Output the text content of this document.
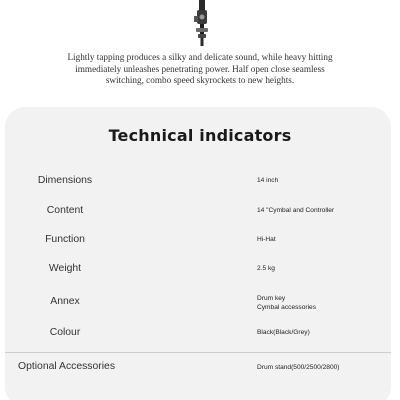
Lightly tapping produces a silky and delicate sound, while heavy hitting immediately unleashes penetrating power. Half open close seamless switching, combo speed skyrockets to new heights.

Technical indicators
Dimensions	14 inch
Content	14 "Cymbal and Controller
Function	Hi-Hat
Weight	2.5 kg
Annex	Drum key
Cymbal accessories
Colour	Black(Black/Grey)
Optional Accessories	Drum stand(500/2500/2800)
